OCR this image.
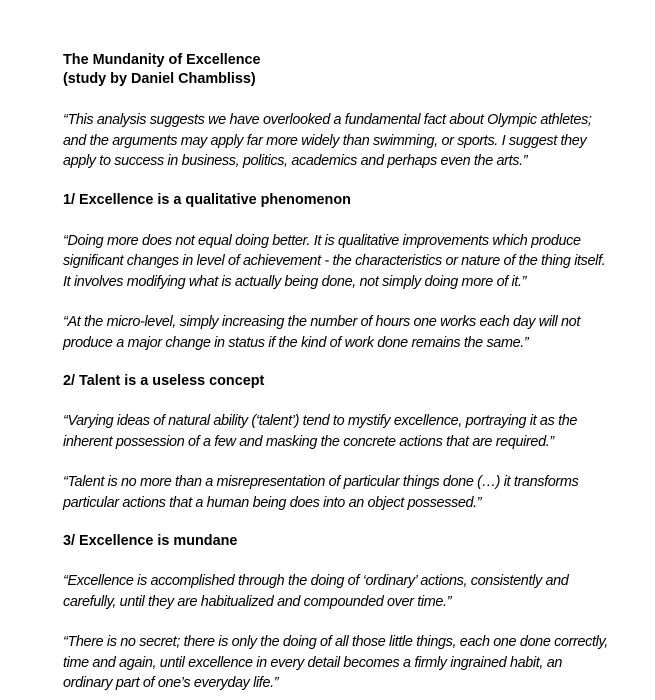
The Mundanity of Excellence

(study by Daniel Chambliss)

“This analysis suggests we have overlooked a fundamental fact about Olympic athletes;
and the arguments may apply far more widely than swimming, or sports. I suggest they
apply to success in business, politics, academics and perhaps even the arts.”

1/ Excellence is a qualitative phenomenon

“Doing more does not equal doing better. It is qualitative improvements which produce
significant changes in level of achievement - the characteristics or nature of the thing itself.
It involves modifying what is actually being done, not simply doing more of it.”
“At the micro-level, simply increasing the number of hours one works each day will not
produce a major change in status if the kind of work done remains the same.”

2/ Talent is a useless concept

“Varying ideas of natural ability (‘talent’) tend to mystify excellence, portraying it as the
inherent possession of a few and masking the concrete actions that are required.”
“Talent is no more than a misrepresentation of particular things done (…) it transforms
particular actions that a human being does into an object possessed.”

3/ Excellence is mundane

“Excellence is accomplished through the doing of ‘ordinary’ actions, consistently and
carefully, until they are habitualized and compounded over time.”
“There is no secret; there is only the doing of all those little things, each one done correctly,
time and again, until excellence in every detail becomes a firmly ingrained habit, an
ordinary part of one’s everyday life.”
